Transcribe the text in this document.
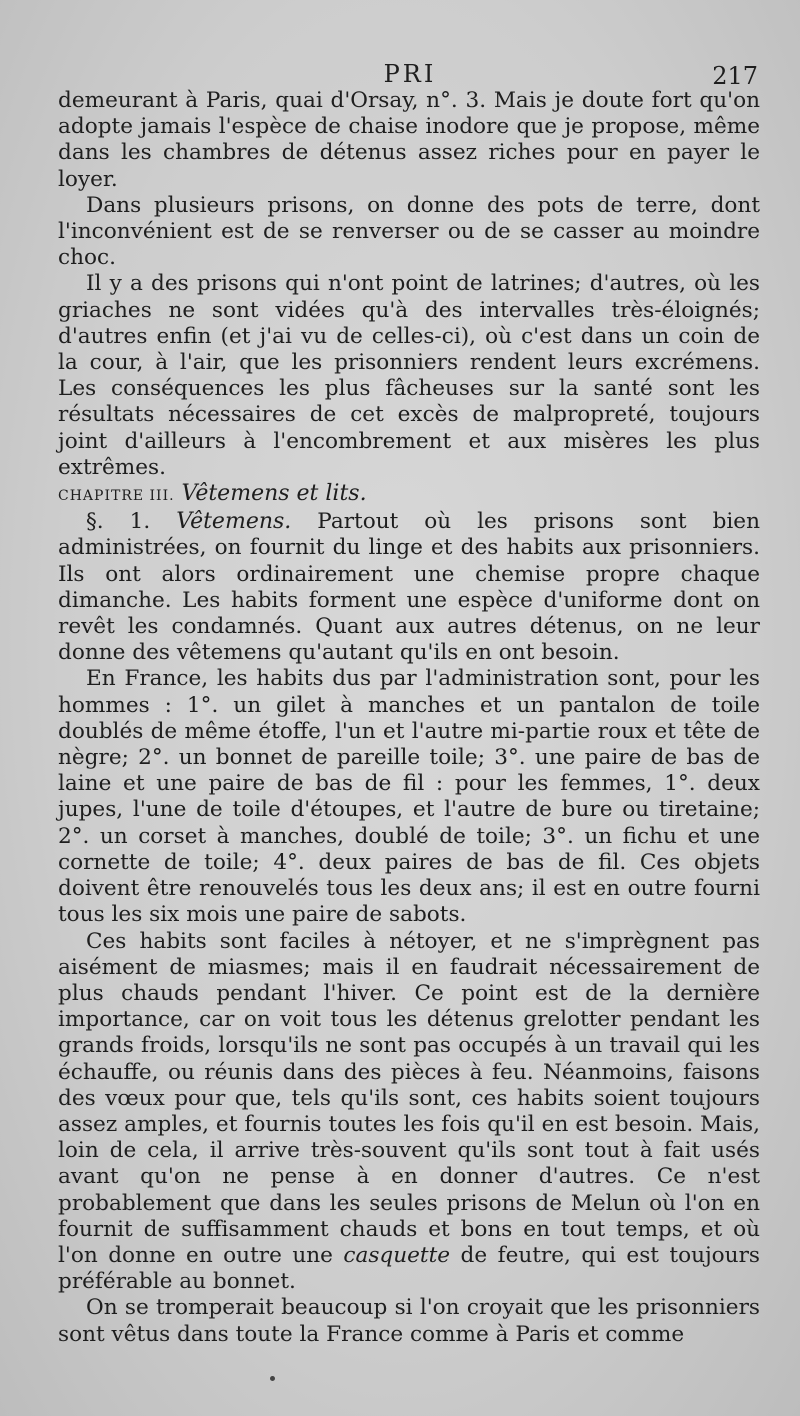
PRI	217

demeurant à Paris, quai d'Orsay, n°. 3. Mais je doute fort qu'on adopte jamais l'espèce de chaise inodore que je propose, même dans les chambres de détenus assez riches pour en payer le loyer.

Dans plusieurs prisons, on donne des pots de terre, dont l'inconvénient est de se renverser ou de se casser au moindre choc.

Il y a des prisons qui n'ont point de latrines; d'autres, où les griaches ne sont vidées qu'à des intervalles très-éloignés; d'autres enfin (et j'ai vu de celles-ci), où c'est dans un coin de la cour, à l'air, que les prisonniers rendent leurs excrémens. Les conséquences les plus fâcheuses sur la santé sont les résultats nécessaires de cet excès de malpropreté, toujours joint d'ailleurs à l'encombrement et aux misères les plus extrêmes.

CHAPITRE III. Vêtemens et lits.

§. 1. Vêtemens. Partout où les prisons sont bien administrées, on fournit du linge et des habits aux prisonniers. Ils ont alors ordinairement une chemise propre chaque dimanche. Les habits forment une espèce d'uniforme dont on revêt les condamnés. Quant aux autres détenus, on ne leur donne des vêtemens qu'autant qu'ils en ont besoin.

En France, les habits dus par l'administration sont, pour les hommes : 1°. un gilet à manches et un pantalon de toile doublés de même étoffe, l'un et l'autre mi-partie roux et tête de nègre; 2°. un bonnet de pareille toile; 3°. une paire de bas de laine et une paire de bas de fil : pour les femmes, 1°. deux jupes, l'une de toile d'étoupes, et l'autre de bure ou tiretaine; 2°. un corset à manches, doublé de toile; 3°. un fichu et une cornette de toile; 4°. deux paires de bas de fil. Ces objets doivent être renouvelés tous les deux ans; il est en outre fourni tous les six mois une paire de sabots.

Ces habits sont faciles à nétoyer, et ne s'imprègnent pas aisément de miasmes; mais il en faudrait nécessairement de plus chauds pendant l'hiver. Ce point est de la dernière importance, car on voit tous les détenus grelotter pendant les grands froids, lorsqu'ils ne sont pas occupés à un travail qui les échauffe, ou réunis dans des pièces à feu. Néanmoins, faisons des vœux pour que, tels qu'ils sont, ces habits soient toujours assez amples, et fournis toutes les fois qu'il en est besoin. Mais, loin de cela, il arrive très-souvent qu'ils sont tout à fait usés avant qu'on ne pense à en donner d'autres. Ce n'est probablement que dans les seules prisons de Melun où l'on en fournit de suffisamment chauds et bons en tout temps, et où l'on donne en outre une casquette de feutre, qui est toujours préférable au bonnet.

On se tromperait beaucoup si l'on croyait que les prisonniers sont vêtus dans toute la France comme à Paris et comme
